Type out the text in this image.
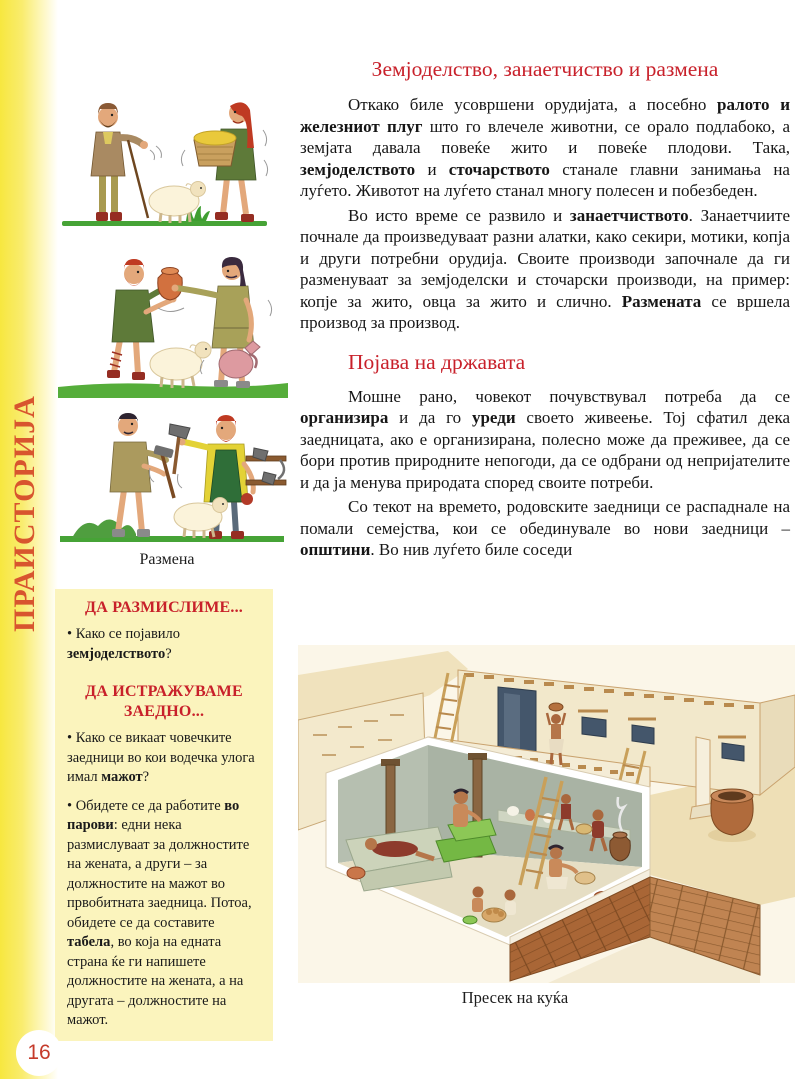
ПРАИСТОРИЈА	Размена
ДА РАЗМИСЛИМЕ...

• Како се појавило земјоделството?

ДА ИСТРАЖУВАМЕ ЗАЕДНО...

• Како се викаат човечките заедници во кои водечка улога имал мажот?

• Обидете се да работите во парови: едни нека размислуваат за должностите на жената, а други – за должностите на мажот во првобитната заедница. Потоа, обидете се да составите табела, во која на едната страна ќе ги напишете должностите на жената, а на другата – должностите на мажот.

Земјоделство, занаетчиство и размена

Откако биле усовршени орудијата, а посебно ралото и железниот плуг што го влечеле животни, се орало подлабоко, а земјата давала повеќе жито и повеќе плодови. Така, земјоделството и сточарството станале главни занимања на луѓето. Животот на луѓето станал многу полесен и побезбеден.

Во исто време се развило и занаетчиството. Занаетчиите почнале да произведуваат разни алатки, како секири, мотики, копја и други потребни орудија. Своите производи започнале да ги разменуваат за земјоделски и сточарски производи, на пример: копје за жито, овца за жито и слично. Размената се вршела производ за производ.

Појава на државата

Мошне рано, човекот почувствувал потреба да се организира и да го уреди своето живеење. Тој сфатил дека заедницата, ако е организирана, полесно може да преживее, да се бори против природните непогоди, да се одбрани од непријателите и да ја менува природата според своите потреби.

Со текот на времето, родовските заедници се распаднале на помали семејства, кои се обединувале во нови заедници – општини. Во нив луѓето биле соседи

Пресек на куќа
16
